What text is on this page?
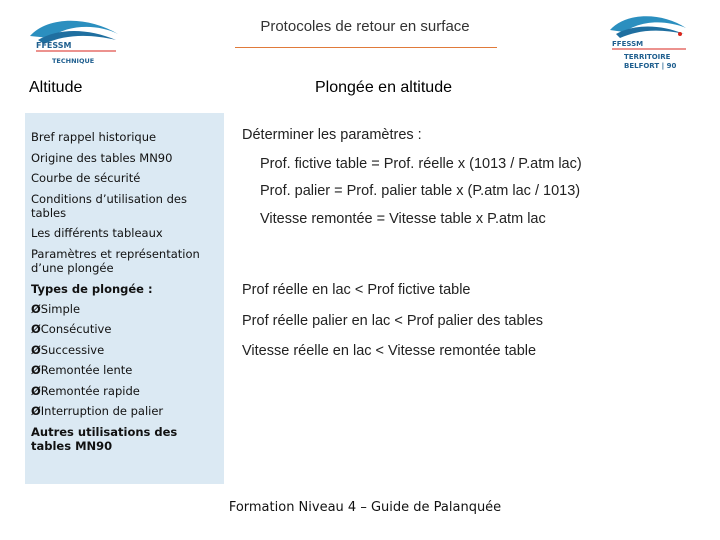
Protocoles de retour en surface
FFESSM
TECHNIQUE
FFESSM
TERRITOIRE
BELFORT | 90
Altitude	Plongée en altitude
Bref rappel historique
Origine des tables MN90
Courbe de sécurité
Conditions d’utilisation des tables
Les différents tableaux
Paramètres et représentation d’une plongée
Types de plongée :
Ø Simple
Ø Consécutive
Ø Successive
Ø Remontée lente
Ø Remontée rapide
Ø Interruption de palier
Autres utilisations des tables MN90
Déterminer les paramètres :
Prof. fictive table = Prof. réelle x (1013 / P.atm lac)
Prof. palier = Prof. palier table x (P.atm lac / 1013)
Vitesse remontée = Vitesse table x P.atm lac
Prof réelle en lac < Prof fictive table
Prof réelle palier en lac < Prof palier des tables
Vitesse réelle en lac < Vitesse remontée table
Formation Niveau 4 – Guide de Palanquée
